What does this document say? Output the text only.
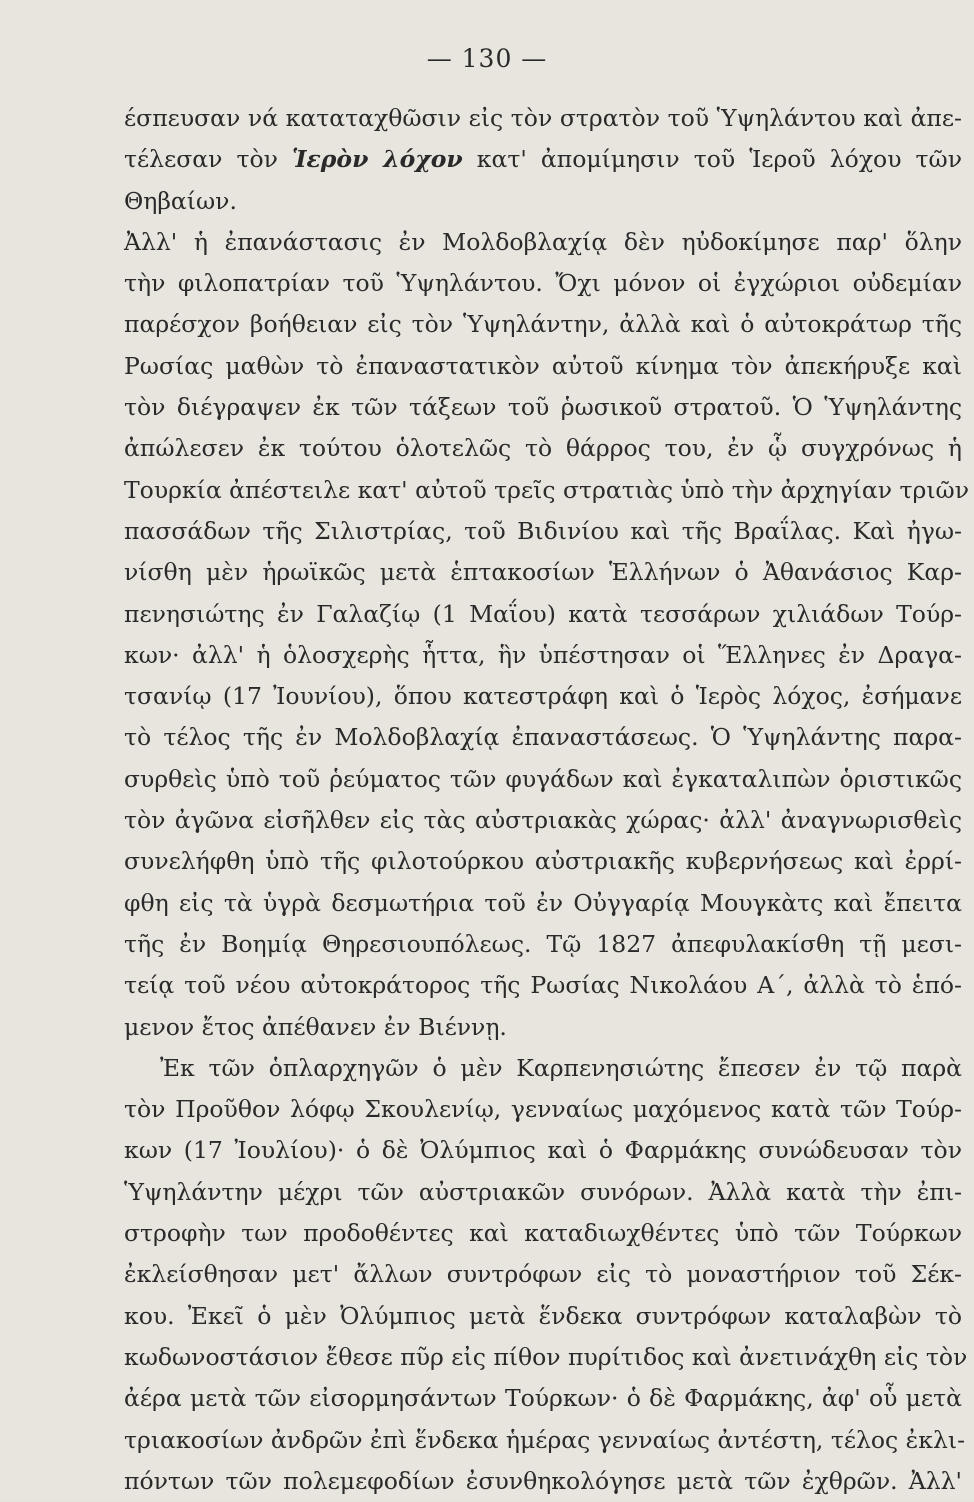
— 130 —
έσπευσαν νά καταταχθῶσιν εἰς τὸν στρατὸν τοῦ Ὑψηλάντου καὶ ἀπε-
τέλεσαν τὸν Ἱερὸν λόχον κατ' ἀπομίμησιν τοῦ Ἱεροῦ λόχου τῶν
Θηβαίων.
Ἀλλ' ἡ ἐπανάστασις ἐν Μολδοβλαχίᾳ δὲν ηὐδοκίμησε παρ' ὅλην
τὴν φιλοπατρίαν τοῦ Ὑψηλάντου. Ὄχι μόνον οἱ ἐγχώριοι οὐδεμίαν
παρέσχον βοήθειαν εἰς τὸν Ὑψηλάντην, ἀλλὰ καὶ ὁ αὐτοκράτωρ τῆς
Ρωσίας μαθὼν τὸ ἐπαναστατικὸν αὐτοῦ κίνημα τὸν ἀπεκήρυξε καὶ
τὸν διέγραψεν ἐκ τῶν τάξεων τοῦ ῥωσικοῦ στρατοῦ. Ὁ Ὑψηλάντης
ἀπώλεσεν ἐκ τούτου ὁλοτελῶς τὸ θάρρος του, ἐν ᾧ συγχρόνως ἡ
Τουρκία ἀπέστειλε κατ' αὐτοῦ τρεῖς στρατιὰς ὑπὸ τὴν ἀρχηγίαν τριῶν
πασσάδων τῆς Σιλιστρίας, τοῦ Βιδινίου καὶ τῆς Βραΐλας. Καὶ ἠγω-
νίσθη μὲν ἡρωϊκῶς μετὰ ἑπτακοσίων Ἑλλήνων ὁ Ἀθανάσιος Καρ-
πενησιώτης ἐν Γαλαζίῳ (1 Μαΐου) κατὰ τεσσάρων χιλιάδων Τούρ-
κων· ἀλλ' ἡ ὁλοσχερὴς ἧττα, ἣν ὑπέστησαν οἱ Ἕλληνες ἐν Δραγα-
τσανίῳ (17 Ἰουνίου), ὅπου κατεστράφη καὶ ὁ Ἱερὸς λόχος, ἐσήμανε
τὸ τέλος τῆς ἐν Μολδοβλαχίᾳ ἐπαναστάσεως. Ὁ Ὑψηλάντης παρα-
συρθεὶς ὑπὸ τοῦ ῥεύματος τῶν φυγάδων καὶ ἐγκαταλιπὼν ὁριστικῶς
τὸν ἀγῶνα εἰσῆλθεν εἰς τὰς αὐστριακὰς χώρας· ἀλλ' ἀναγνωρισθεὶς
συνελήφθη ὑπὸ τῆς φιλοτούρκου αὐστριακῆς κυβερνήσεως καὶ ἐρρί-
φθη εἰς τὰ ὑγρὰ δεσμωτήρια τοῦ ἐν Οὐγγαρίᾳ Μουγκὰτς καὶ ἔπειτα
τῆς ἐν Βοημίᾳ Θηρεσιουπόλεως. Τῷ 1827 ἀπεφυλακίσθη τῇ μεσι-
τείᾳ τοῦ νέου αὐτοκράτορος τῆς Ρωσίας Νικολάου Α΄, ἀλλὰ τὸ ἑπό-
μενον ἔτος ἀπέθανεν ἐν Βιέννῃ.
Ἐκ τῶν ὁπλαρχηγῶν ὁ μὲν Καρπενησιώτης ἔπεσεν ἐν τῷ παρὰ
τὸν Προῦθον λόφῳ Σκουλενίῳ, γενναίως μαχόμενος κατὰ τῶν Τούρ-
κων (17 Ἰουλίου)· ὁ δὲ Ὀλύμπιος καὶ ὁ Φαρμάκης συνώδευσαν τὸν
Ὑψηλάντην μέχρι τῶν αὐστριακῶν συνόρων. Ἀλλὰ κατὰ τὴν ἐπι-
στροφὴν των προδοθέντες καὶ καταδιωχθέντες ὑπὸ τῶν Τούρκων
ἐκλείσθησαν μετ' ἄλλων συντρόφων εἰς τὸ μοναστήριον τοῦ Σέκ-
κου. Ἐκεῖ ὁ μὲν Ὀλύμπιος μετὰ ἕνδεκα συντρόφων καταλαβὼν τὸ
κωδωνοστάσιον ἔθεσε πῦρ εἰς πίθον πυρίτιδος καὶ ἀνετινάχθη εἰς τὸν
ἀέρα μετὰ τῶν εἰσορμησάντων Τούρκων· ὁ δὲ Φαρμάκης, ἀφ' οὗ μετὰ
τριακοσίων ἀνδρῶν ἐπὶ ἕνδεκα ἡμέρας γενναίως ἀντέστη, τέλος ἐκλι-
πόντων τῶν πολεμεφοδίων ἐσυνθηκολόγησε μετὰ τῶν ἐχθρῶν. Ἀλλ'
